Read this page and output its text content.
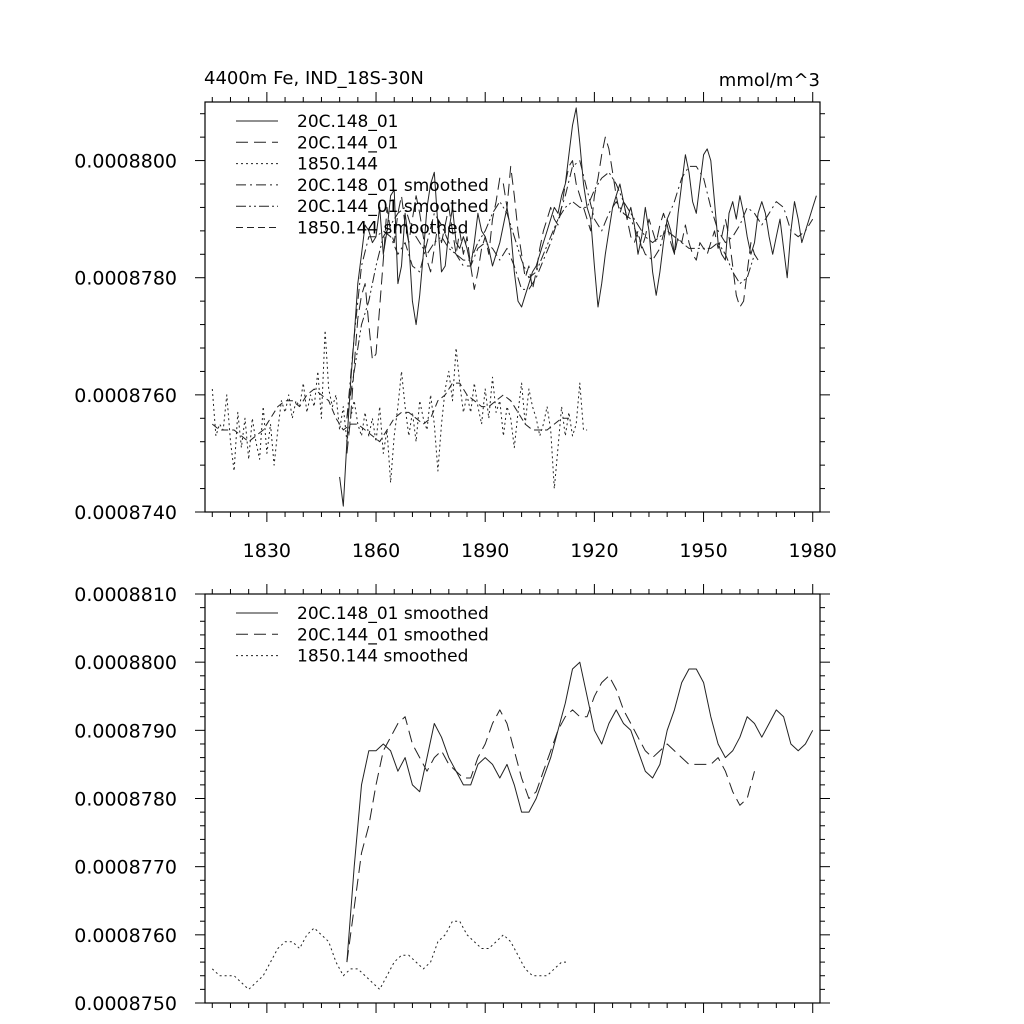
4400m Fe, IND_18S-30N	mmol/m^3
1830	1860	1890	1920	1950	1980
0.0008740
0.0008760
0.0008780
0.0008800
20C.148_01
20C.144_01
1850.144
20C.148_01 smoothed
20C.144_01 smoothed
1850.144 smoothed
0.0008750
0.0008760
0.0008770
0.0008780
0.0008790
0.0008800
0.0008810
20C.148_01 smoothed
20C.144_01 smoothed
1850.144 smoothed
